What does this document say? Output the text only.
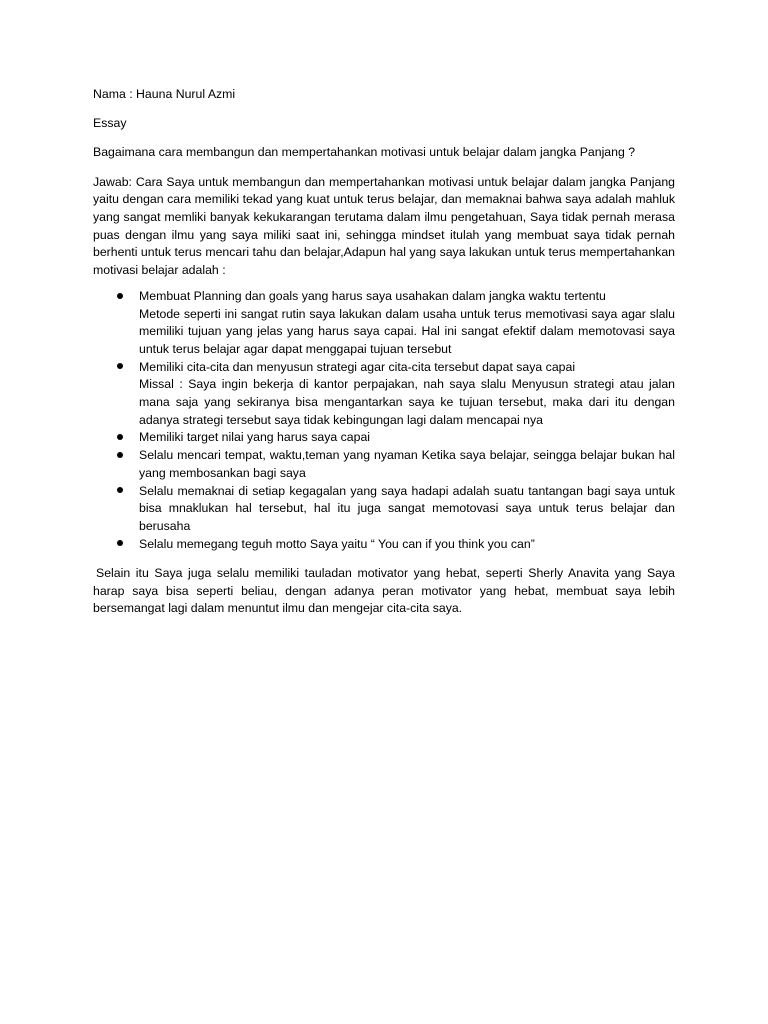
Nama : Hauna Nurul Azmi

Essay

Bagaimana cara membangun dan mempertahankan motivasi untuk belajar dalam jangka Panjang ?

Jawab: Cara Saya untuk membangun dan mempertahankan motivasi untuk belajar dalam jangka Panjang yaitu dengan cara memiliki tekad yang kuat untuk terus belajar, dan memaknai bahwa saya adalah mahluk yang sangat memliki banyak kekukarangan terutama dalam ilmu pengetahuan, Saya tidak pernah merasa puas dengan ilmu yang saya miliki saat ini, sehingga mindset itulah yang membuat saya tidak pernah berhenti untuk terus mencari tahu dan belajar,Adapun hal yang saya lakukan untuk terus mempertahankan motivasi belajar adalah :

Membuat Planning dan goals yang harus saya usahakan dalam jangka waktu tertentu
Metode seperti ini sangat rutin saya lakukan dalam usaha untuk terus memotivasi saya agar slalu memiliki tujuan yang jelas yang harus saya capai. Hal ini sangat efektif dalam memotovasi saya untuk terus belajar agar dapat menggapai tujuan tersebut
Memiliki cita-cita dan menyusun strategi agar cita-cita tersebut dapat saya capai
Missal : Saya ingin bekerja di kantor perpajakan, nah saya slalu Menyusun strategi atau jalan mana saja yang sekiranya bisa mengantarkan saya ke tujuan tersebut, maka dari itu dengan adanya strategi tersebut saya tidak kebingungan lagi dalam mencapai nya
Memiliki target nilai yang harus saya capai
Selalu mencari tempat, waktu,teman yang nyaman Ketika saya belajar, seingga belajar bukan hal yang membosankan bagi saya
Selalu memaknai di setiap kegagalan yang saya hadapi adalah suatu tantangan bagi saya untuk bisa mnaklukan hal tersebut, hal itu juga sangat memotovasi saya untuk terus belajar dan berusaha
Selalu memegang teguh motto Saya yaitu “ You can if you think you can”

Selain itu Saya juga selalu memiliki tauladan motivator yang hebat, seperti Sherly Anavita yang Saya harap saya bisa seperti beliau, dengan adanya peran motivator yang hebat, membuat saya lebih bersemangat lagi dalam menuntut ilmu dan mengejar cita-cita saya.
